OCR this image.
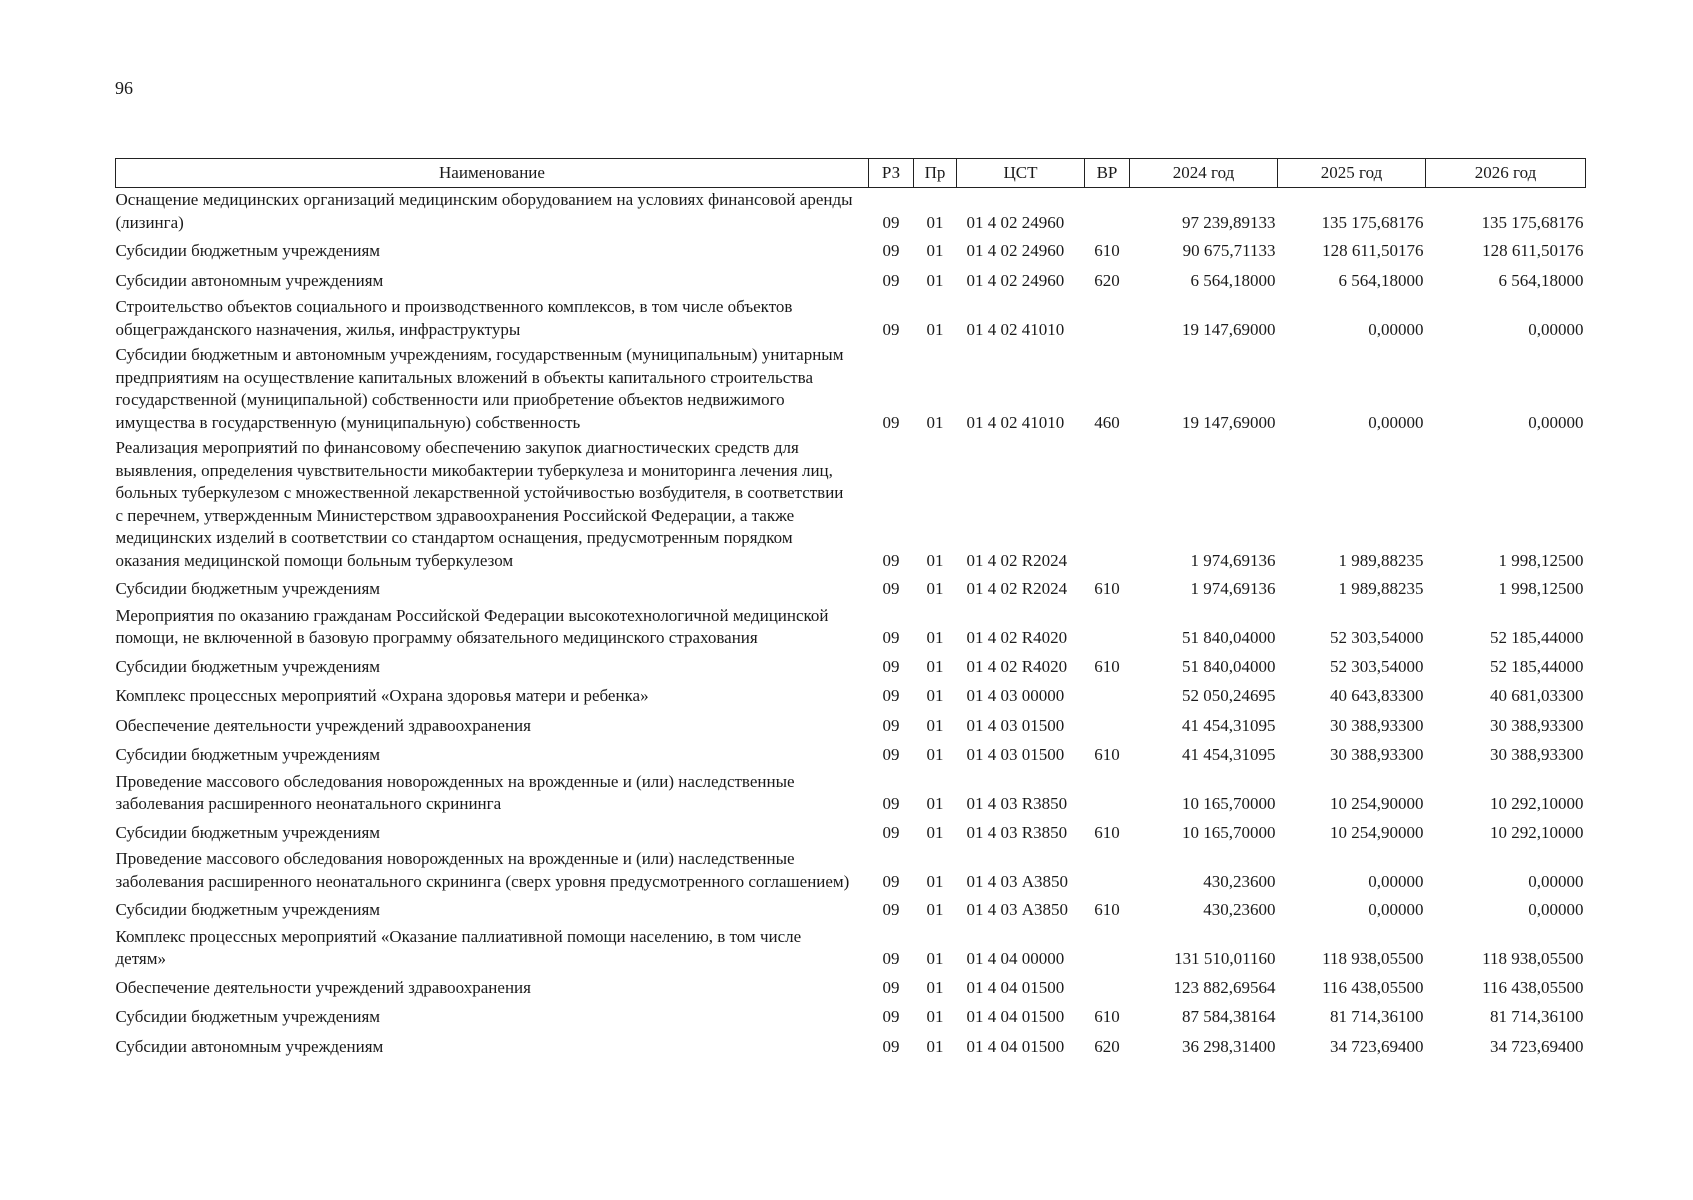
96
Наименование	РЗ	Пр	ЦСТ	ВР	2024 год	2025 год	2026 год
Оснащение медицинских организаций медицинским оборудованием на условиях финансовой аренды (лизинга)	09	01	01 4 02 24960		97 239,89133	135 175,68176	135 175,68176
Субсидии бюджетным учреждениям	09	01	01 4 02 24960	610	90 675,71133	128 611,50176	128 611,50176
Субсидии автономным учреждениям	09	01	01 4 02 24960	620	6 564,18000	6 564,18000	6 564,18000
Строительство объектов социального и производственного комплексов, в том числе объектов общегражданского назначения, жилья, инфраструктуры	09	01	01 4 02 41010		19 147,69000	0,00000	0,00000
Субсидии бюджетным и автономным учреждениям, государственным (муниципальным) унитарным предприятиям на осуществление капитальных вложений в объекты капитального строительства государственной (муниципальной) собственности или приобретение объектов недвижимого имущества в государственную (муниципальную) собственность	09	01	01 4 02 41010	460	19 147,69000	0,00000	0,00000
Реализация мероприятий по финансовому обеспечению закупок диагностических средств для выявления, определения чувствительности микобактерии туберкулеза и мониторинга лечения лиц, больных туберкулезом с множественной лекарственной устойчивостью возбудителя, в соответствии с перечнем, утвержденным Министерством здравоохранения Российской Федерации, а также медицинских изделий в соответствии со стандартом оснащения, предусмотренным порядком оказания медицинской помощи больным туберкулезом	09	01	01 4 02 R2024		1 974,69136	1 989,88235	1 998,12500
Субсидии бюджетным учреждениям	09	01	01 4 02 R2024	610	1 974,69136	1 989,88235	1 998,12500
Мероприятия по оказанию гражданам Российской Федерации высокотехнологичной медицинской помощи, не включенной в базовую программу обязательного медицинского страхования	09	01	01 4 02 R4020		51 840,04000	52 303,54000	52 185,44000
Субсидии бюджетным учреждениям	09	01	01 4 02 R4020	610	51 840,04000	52 303,54000	52 185,44000
Комплекс процессных мероприятий «Охрана здоровья матери и ребенка»	09	01	01 4 03 00000		52 050,24695	40 643,83300	40 681,03300
Обеспечение деятельности учреждений здравоохранения	09	01	01 4 03 01500		41 454,31095	30 388,93300	30 388,93300
Субсидии бюджетным учреждениям	09	01	01 4 03 01500	610	41 454,31095	30 388,93300	30 388,93300
Проведение массового обследования новорожденных на врожденные и (или) наследственные заболевания расширенного неонатального скрининга	09	01	01 4 03 R3850		10 165,70000	10 254,90000	10 292,10000
Субсидии бюджетным учреждениям	09	01	01 4 03 R3850	610	10 165,70000	10 254,90000	10 292,10000
Проведение массового обследования новорожденных на врожденные и (или) наследственные заболевания расширенного неонатального скрининга (сверх уровня предусмотренного соглашением)	09	01	01 4 03 А3850		430,23600	0,00000	0,00000
Субсидии бюджетным учреждениям	09	01	01 4 03 А3850	610	430,23600	0,00000	0,00000
Комплекс процессных мероприятий «Оказание паллиативной помощи населению, в том числе детям»	09	01	01 4 04 00000		131 510,01160	118 938,05500	118 938,05500
Обеспечение деятельности учреждений здравоохранения	09	01	01 4 04 01500		123 882,69564	116 438,05500	116 438,05500
Субсидии бюджетным учреждениям	09	01	01 4 04 01500	610	87 584,38164	81 714,36100	81 714,36100
Субсидии автономным учреждениям	09	01	01 4 04 01500	620	36 298,31400	34 723,69400	34 723,69400
